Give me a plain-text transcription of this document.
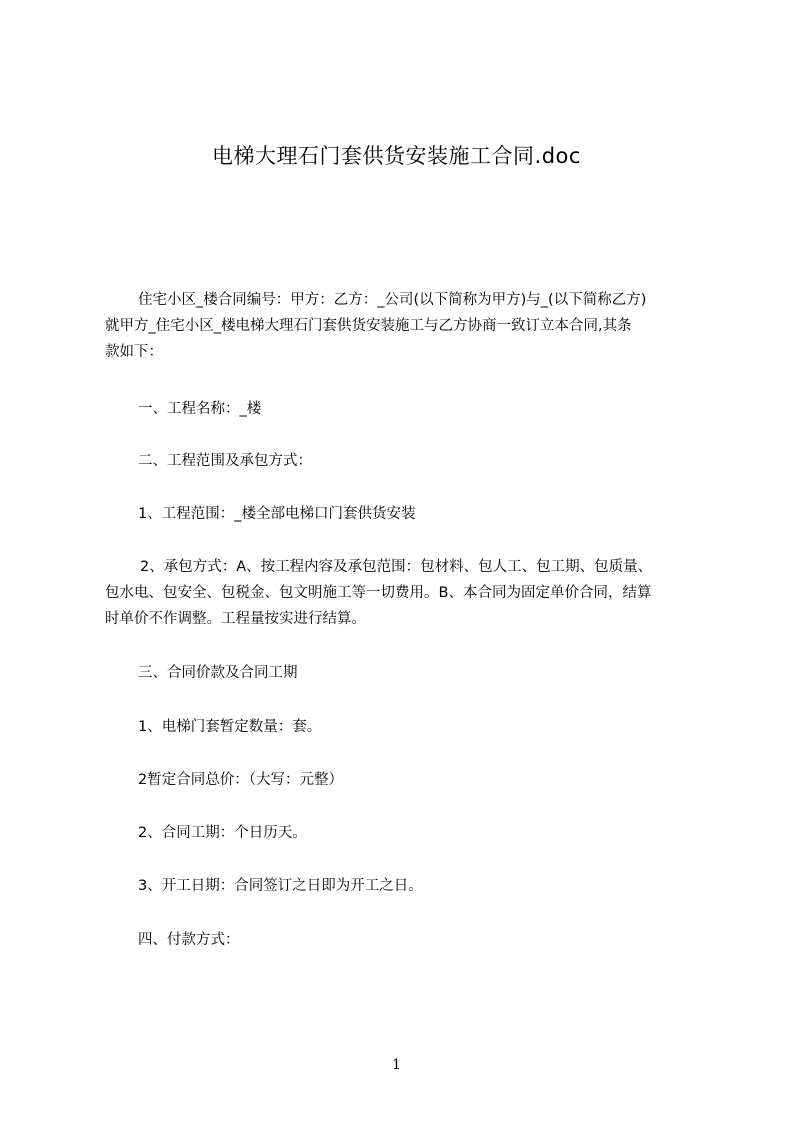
电梯大理石门套供货安装施工合同.doc
住宅小区_楼合同编号：甲方：乙方：_公司(以下简称为甲方)与_(以下简称乙方)
就甲方_住宅小区_楼电梯大理石门套供货安装施工与乙方协商一致订立本合同,其条
款如下：
一、工程名称：_楼
二、工程范围及承包方式：
1、工程范围：_楼全部电梯口门套供货安装
2、承包方式：A、按工程内容及承包范围：包材料、包人工、包工期、包质量、
包水电、包安全、包税金、包文明施工等一切费用。B、本合同为固定单价合同，结算
时单价不作调整。工程量按实进行结算。
三、合同价款及合同工期
1、电梯门套暂定数量：套。
2暂定合同总价：（大写：元整）
2、合同工期：个日历天。
3、开工日期：合同签订之日即为开工之日。
四、付款方式：
1
